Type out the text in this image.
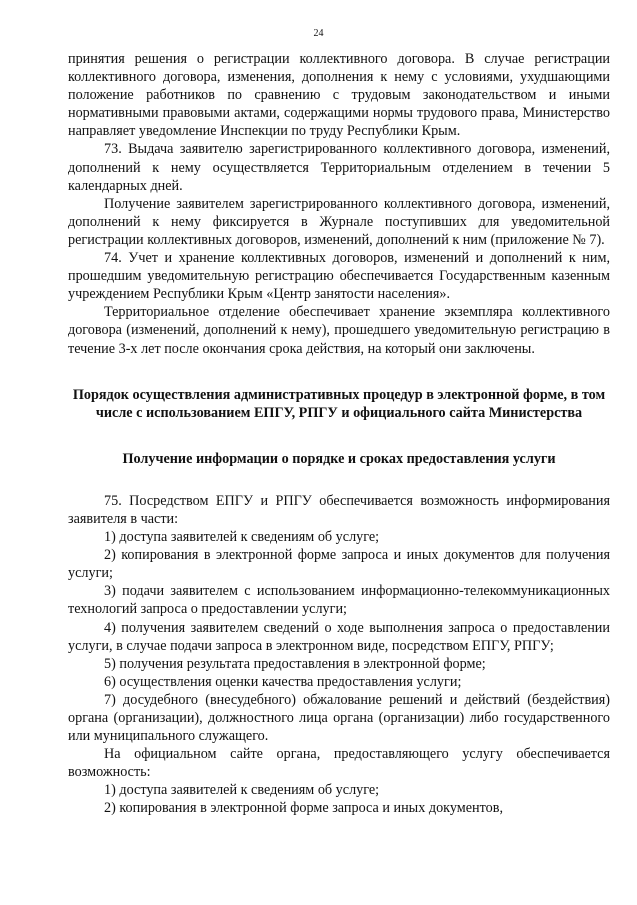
24

принятия решения о регистрации коллективного договора. В случае регистрации коллективного договора, изменения, дополнения к нему с условиями, ухудшающими положение работников по сравнению с трудовым законодательством и иными нормативными правовыми актами, содержащими нормы трудового права, Министерство направляет уведомление Инспекции по труду Республики Крым.

73. Выдача заявителю зарегистрированного коллективного договора, изменений, дополнений к нему осуществляется Территориальным отделением в течении 5 календарных дней.

Получение заявителем зарегистрированного коллективного договора, изменений, дополнений к нему фиксируется в Журнале поступивших для уведомительной регистрации коллективных договоров, изменений, дополнений к ним (приложение № 7).

74. Учет и хранение коллективных договоров, изменений и дополнений к ним, прошедшим уведомительную регистрацию обеспечивается Государственным казенным учреждением Республики Крым «Центр занятости населения».

Территориальное отделение обеспечивает хранение экземпляра коллективного договора (изменений, дополнений к нему), прошедшего уведомительную регистрацию в течение 3-х лет после окончания срока действия, на который они заключены.

Порядок осуществления административных процедур в электронной форме, в том числе с использованием ЕПГУ, РПГУ и официального сайта Министерства

Получение информации о порядке и сроках предоставления услуги

75. Посредством ЕПГУ и РПГУ обеспечивается возможность информирования заявителя в части:

1) доступа заявителей к сведениям об услуге;

2) копирования в электронной форме запроса и иных документов для получения услуги;

3) подачи заявителем с использованием информационно-телекоммуникационных технологий запроса о предоставлении услуги;

4) получения заявителем сведений о ходе выполнения запроса о предоставлении услуги, в случае подачи запроса в электронном виде, посредством ЕПГУ, РПГУ;

5) получения результата предоставления в электронной форме;

6) осуществления оценки качества предоставления услуги;

7) досудебного (внесудебного) обжалование решений и действий (бездействия) органа (организации), должностного лица органа (организации) либо государственного или муниципального служащего.

На официальном сайте органа, предоставляющего услугу обеспечивается возможность:

1) доступа заявителей к сведениям об услуге;

2) копирования в электронной форме запроса и иных документов,
